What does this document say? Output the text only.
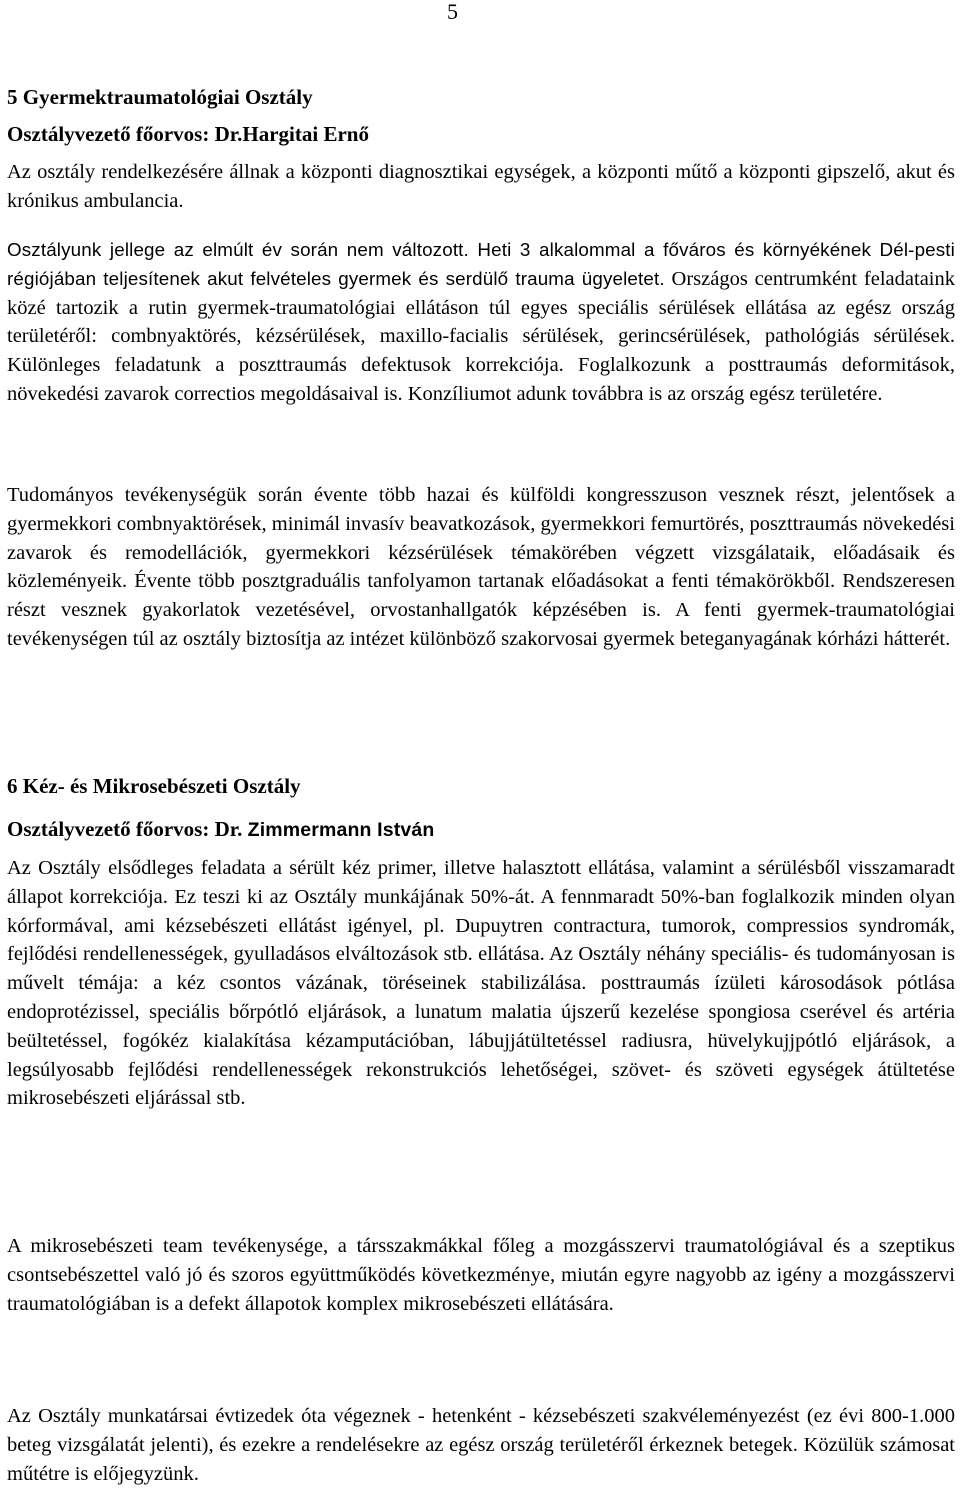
5
5 Gyermektraumatológiai Osztály
Osztályvezető főorvos: Dr.Hargitai Ernő

Az osztály rendelkezésére állnak a központi diagnosztikai egységek, a központi műtő a központi gipszelő, akut és krónikus ambulancia.

Osztályunk jellege az elmúlt év során nem változott. Heti 3 alkalommal a főváros és környékének Dél-pesti régiójában teljesítenek akut felvételes gyermek és serdülő trauma ügyeletet. Országos centrumként feladataink közé tartozik a rutin gyermek-traumatológiai ellátáson túl egyes speciális sérülések ellátása az egész ország területéről: combnyaktörés, kézsérülések, maxillo-facialis sérülések, gerincsérülések, pathológiás sérülések. Különleges feladatunk a poszttraumás defektusok korrekciója. Foglalkozunk a posttraumás deformitások, növekedési zavarok correctios megoldásaival is. Konzíliumot adunk továbbra is az ország egész területére.

Tudományos tevékenységük során évente több hazai és külföldi kongresszuson vesznek részt, jelentősek a gyermekkori combnyaktörések, minimál invasív beavatkozások, gyermekkori femurtörés, poszttraumás növekedési zavarok és remodellációk, gyermekkori kézsérülések témakörében végzett vizsgálataik, előadásaik és közleményeik. Évente több posztgraduális tanfolyamon tartanak előadásokat a fenti témakörökből. Rendszeresen részt vesznek gyakorlatok vezetésével, orvostanhallgatók képzésében is. A fenti gyermek-traumatológiai tevékenységen túl az osztály biztosítja az intézet különböző szakorvosai gyermek beteganyagának kórházi hátterét.

6 Kéz- és Mikrosebészeti Osztály
Osztályvezető főorvos: Dr. Zimmermann István

Az Osztály elsődleges feladata a sérült kéz primer, illetve halasztott ellátása, valamint a sérülésből visszamaradt állapot korrekciója. Ez teszi ki az Osztály munkájának 50%-át. A fennmaradt 50%-ban foglalkozik minden olyan kórformával, ami kézsebészeti ellátást igényel, pl. Dupuytren contractura, tumorok, compressios syndromák, fejlődési rendellenességek, gyulladásos elváltozások stb. ellátása. Az Osztály néhány speciális- és tudományosan is művelt témája: a kéz csontos vázának, töréseinek stabilizálása. posttraumás ízületi károsodások pótlása endoprotézissel, speciális bőrpótló eljárások, a lunatum malatia újszerű kezelése spongiosa cserével és artéria beültetéssel, fogókéz kialakítása kézamputációban, lábujjátültetéssel radiusra, hüvelykujjpótló eljárások, a legsúlyosabb fejlődési rendellenességek rekonstrukciós lehetőségei, szövet- és szöveti egységek átültetése mikrosebészeti eljárással stb.

A mikrosebészeti team tevékenysége, a társszakmákkal főleg a mozgásszervi traumatológiával és a szeptikus csontsebészettel való jó és szoros együttműködés következménye, miután egyre nagyobb az igény a mozgásszervi traumatológiában is a defekt állapotok komplex mikrosebészeti ellátására.

Az Osztály munkatársai évtizedek óta végeznek - hetenként - kézsebészeti szakvéleményezést (ez évi 800-1.000 beteg vizsgálatát jelenti), és ezekre a rendelésekre az egész ország területéről érkeznek betegek. Közülük számosat műtétre is előjegyzünk.
